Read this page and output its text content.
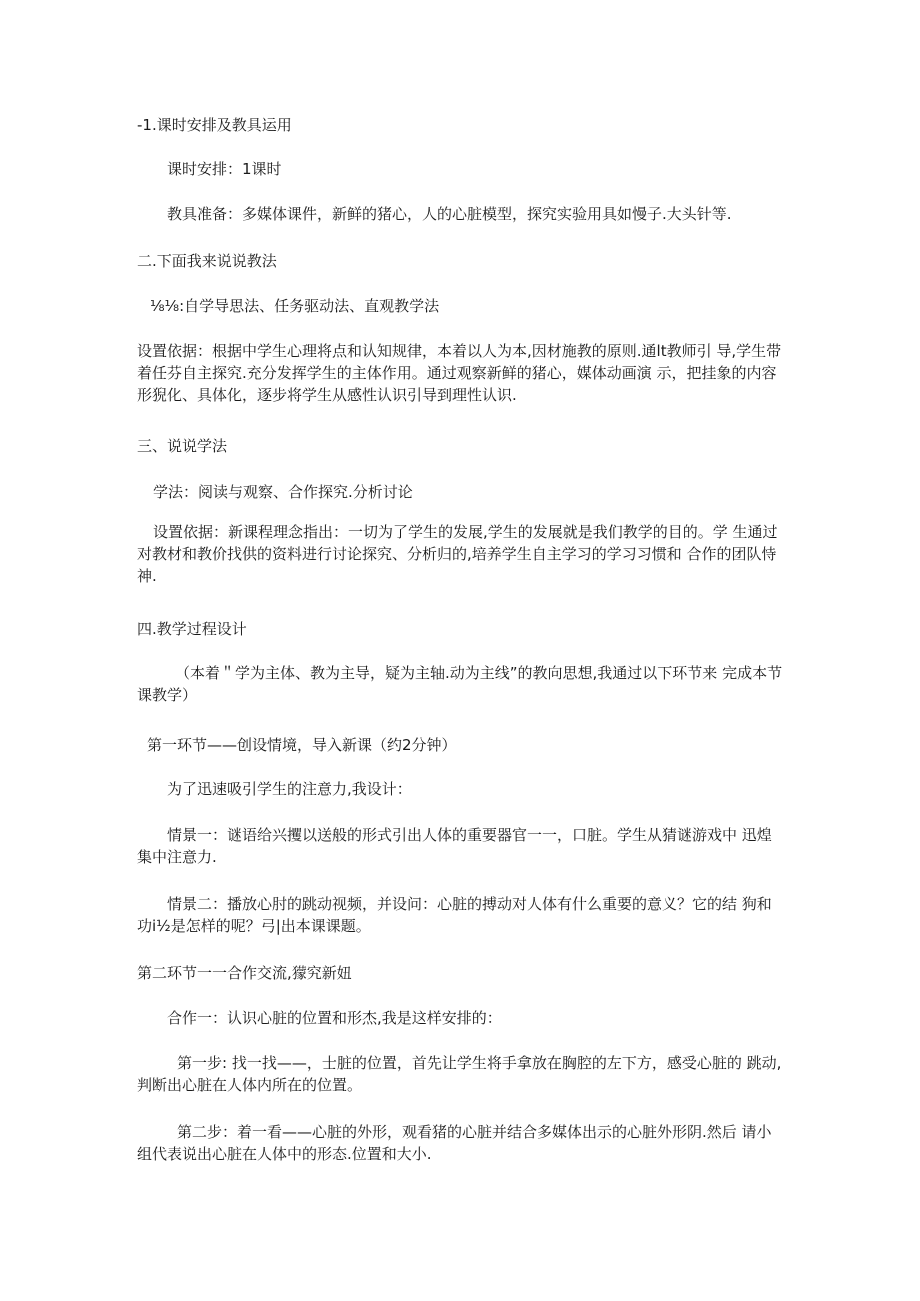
-1.课时安排及教具运用

课时安排：1课时

教具准备：多媒体课件，新鲜的猪心，人的心脏模型，探究实验用具如慢子.大头针等.

二.下面我来说说教法

⅛⅛:自学导思法、任务驱动法、直观教学法

设置依据：根据中学生心理将点和认知规律，本着以人为本,因材施教的原则.通lt教师引 导,学生带着任芬自主探究.充分发挥学生的主体作用。通过观察新鲜的猪心，媒体动画演 示，把挂象的内容形猊化、具体化，逐步将学生从感性认识引导到理性认识.

三、说说学法

学法：阅读与观察、合作探究.分析讨论

设置依据：新课程理念指出：一切为了学生的发展,学生的发展就是我们教学的目的。学 生通过对教材和教价找供的资料进行讨论探究、分析归的,培养学生自主学习的学习习惯和 合作的团队恃神.

四.教学过程设计

（本着＂学为主体、教为主导，疑为主轴.动为主线”的教向思想,我通过以下环节来 完成本节课教学）

第一环节——创设情境，导入新课（约2分钟）

为了迅速吸引学生的注意力,我设计：

情景一：谜语给兴攫以送般的形式引出人体的重要器官一一，口脏。学生从猜谜游戏中 迅煌集中注意力.

情景二：播放心肘的跳动视频，并设问：心脏的搏动对人体有什么重要的意义？它的结 狗和功i½是怎样的呢？弓|出本课课题。

第二环节一一合作交流,獴究新妞

合作一：认识心脏的位置和形杰,我是这样安排的：

第一步: 找一找——，士脏的位置，首先让学生将手拿放在胸腔的左下方，感受心脏的 跳动,判断出心脏在人体内所在的位置。

第二步：着一看——心脏的外形，观看猪的心脏并结合多媒体出示的心脏外形阴.然后 请小组代表说出心脏在人体中的形态.位置和大小.
